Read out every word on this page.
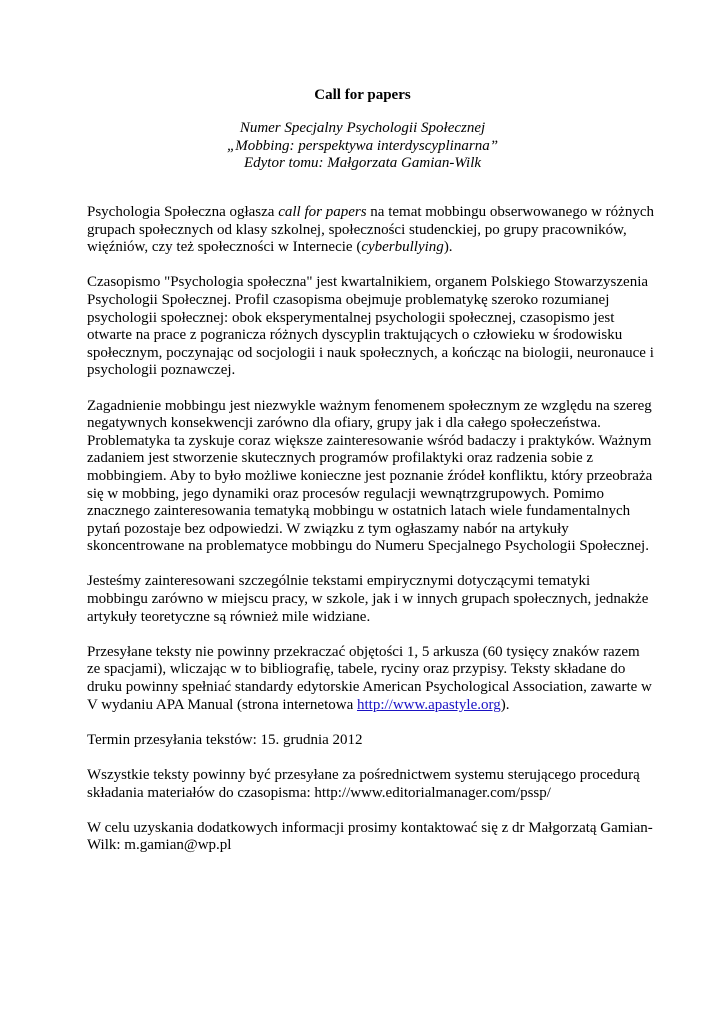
Call for papers
Numer Specjalny Psychologii Społecznej
„Mobbing: perspektywa interdyscyplinarna”
Edytor tomu: Małgorzata Gamian-Wilk
Psychologia Społeczna ogłasza call for papers na temat mobbingu obserwowanego w różnych
grupach społecznych od klasy szkolnej, społeczności studenckiej, po grupy pracowników,
więźniów, czy też społeczności w Internecie (cyberbullying).
Czasopismo "Psychologia społeczna" jest kwartalnikiem, organem Polskiego Stowarzyszenia
Psychologii Społecznej. Profil czasopisma obejmuje problematykę szeroko rozumianej
psychologii społecznej: obok eksperymentalnej psychologii społecznej, czasopismo jest
otwarte na prace z pogranicza różnych dyscyplin traktujących o człowieku w środowisku
społecznym, poczynając od socjologii i nauk społecznych, a kończąc na biologii, neuronauce i
psychologii poznawczej.
Zagadnienie mobbingu jest niezwykle ważnym fenomenem społecznym ze względu na szereg
negatywnych konsekwencji zarówno dla ofiary, grupy jak i dla całego społeczeństwa.
Problematyka ta zyskuje coraz większe zainteresowanie wśród badaczy i praktyków. Ważnym
zadaniem jest stworzenie skutecznych programów profilaktyki oraz radzenia sobie z
mobbingiem. Aby to było możliwe konieczne jest poznanie źródeł konfliktu, który przeobraża
się w mobbing, jego dynamiki oraz procesów regulacji wewnątrzgrupowych. Pomimo
znacznego zainteresowania tematyką mobbingu w ostatnich latach wiele fundamentalnych
pytań pozostaje bez odpowiedzi. W związku z tym ogłaszamy nabór na artykuły
skoncentrowane na problematyce mobbingu do Numeru Specjalnego Psychologii Społecznej.
Jesteśmy zainteresowani szczególnie tekstami empirycznymi dotyczącymi tematyki
mobbingu zarówno w miejscu pracy, w szkole, jak i w innych grupach społecznych, jednakże
artykuły teoretyczne są również mile widziane.
Przesyłane teksty nie powinny przekraczać objętości 1, 5 arkusza (60 tysięcy znaków razem
ze spacjami), wliczając w to bibliografię, tabele, ryciny oraz przypisy. Teksty składane do
druku powinny spełniać standardy edytorskie American Psychological Association, zawarte w
V wydaniu APA Manual (strona internetowa http://www.apastyle.org).
Termin przesyłania tekstów: 15. grudnia 2012
Wszystkie teksty powinny być przesyłane za pośrednictwem systemu sterującego procedurą
składania materiałów do czasopisma: http://www.editorialmanager.com/pssp/
W celu uzyskania dodatkowych informacji prosimy kontaktować się z dr Małgorzatą Gamian-
Wilk: m.gamian@wp.pl
